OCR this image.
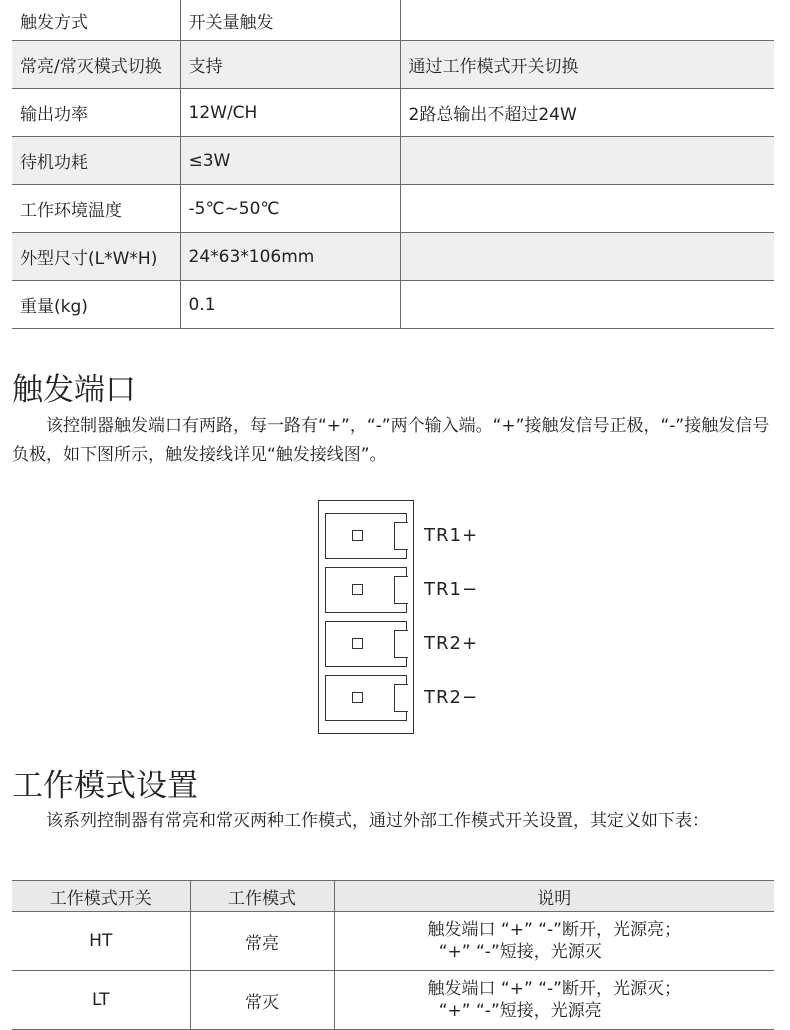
触发方式	开关量触发	
常亮/常灭模式切换	支持	通过工作模式开关切换
输出功率	12W/CH	2路总输出不超过24W
待机功耗	≤3W	
工作环境温度	-5℃~50℃	
外型尺寸(L*W*H)	24*63*106mm	
重量(kg)	0.1	
触发端口

该控制器触发端口有两路，每一路有“+”，“-”两个输入端。“+”接触发信号正极，“-”接触发信号负极，如下图所示，触发接线详见“触发接线图”。

TR1+
TR1−
TR2+
TR2−
工作模式设置

该系列控制器有常亮和常灭两种工作模式，通过外部工作模式开关设置，其定义如下表：

工作模式开关	工作模式	说明
HT	常亮	触发端口 “+” “-”断开，光源亮；
“+” “-”短接，光源灭

LT	常灭	触发端口 “+” “-”断开，光源灭；
“+” “-”短接，光源亮
